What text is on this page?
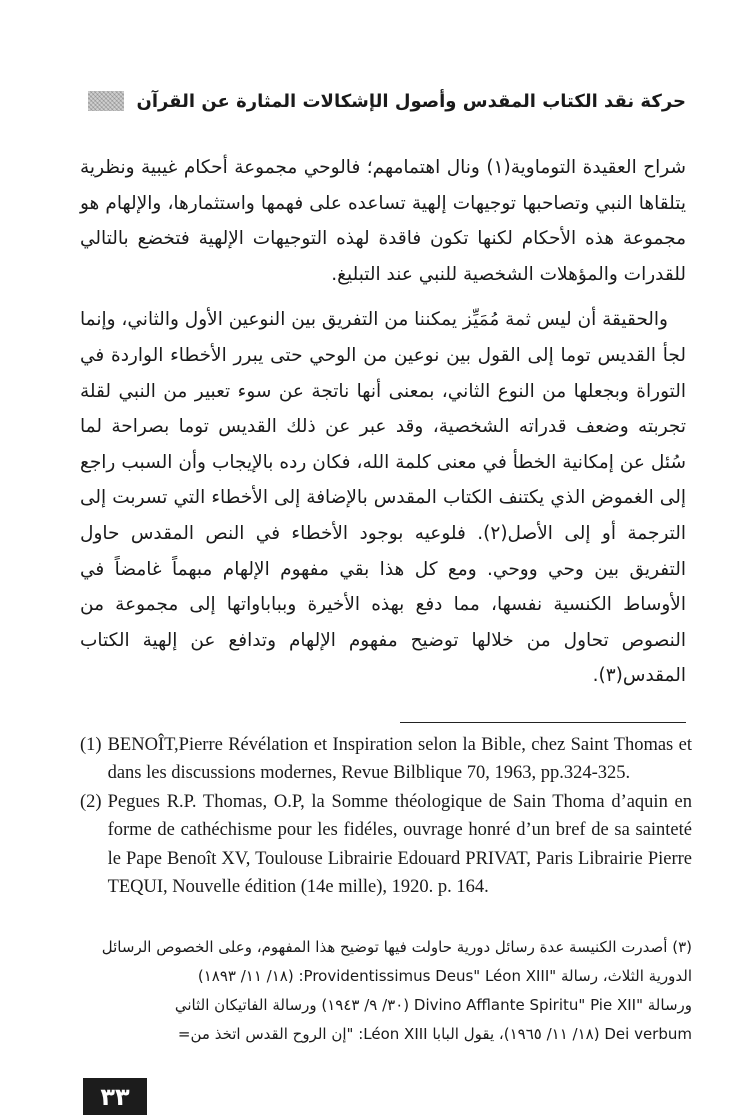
حركة نقد الكتاب المقدس وأصول الإشكالات المثارة عن القرآن

شراح العقيدة التوماوية(١) ونال اهتمامهم؛ فالوحي مجموعة أحكام غيبية ونظرية يتلقاها النبي وتصاحبها توجيهات إلهية تساعده على فهمها واستثمارها، والإلهام هو مجموعة هذه الأحكام لكنها تكون فاقدة لهذه التوجيهات الإلهية فتخضع بالتالي للقدرات والمؤهلات الشخصية للنبي عند التبليغ.

والحقيقة أن ليس ثمة مُمَيِّز يمكننا من التفريق بين النوعين الأول والثاني، وإنما لجأ القديس توما إلى القول بين نوعين من الوحي حتى يبرر الأخطاء الواردة في التوراة وبجعلها من النوع الثاني، بمعنى أنها ناتجة عن سوء تعبير من النبي لقلة تجربته وضعف قدراته الشخصية، وقد عبر عن ذلك القديس توما بصراحة لما سُئل عن إمكانية الخطأ في معنى كلمة الله، فكان رده بالإيجاب وأن السبب راجع إلى الغموض الذي يكتنف الكتاب المقدس بالإضافة إلى الأخطاء التي تسربت إلى الترجمة أو إلى الأصل(٢). فلوعيه بوجود الأخطاء في النص المقدس حاول التفريق بين وحي ووحي. ومع كل هذا بقي مفهوم الإلهام مبهماً غامضاً في الأوساط الكنسية نفسها، مما دفع بهذه الأخيرة وبباباواتها إلى مجموعة من النصوص تحاول من خلالها توضيح مفهوم الإلهام وتدافع عن إلهية الكتاب المقدس(٣).

(1) BENOÎT,Pierre Révélation et Inspiration selon la Bible, chez Saint Thomas et dans les discussions modernes, Revue Bilblique 70, 1963, pp.324-325.
(2) Pegues R.P. Thomas, O.P, la Somme théologique de Sain Thoma d’aquin en forme de cathéchisme pour les fidéles, ouvrage honré d’un bref de sa sainteté le Pape Benoît XV, Toulouse Librairie Edouard PRIVAT, Paris Librairie Pierre TEQUI, Nouvelle édition (14e mille), 1920. p. 164.

(٣) أصدرت الكنيسة عدة رسائل دورية حاولت فيها توضيح هذا المفهوم، وعلى الخصوص الرسائل

الدورية الثلاث، رسالة "Providentissimus Deus" Léon XIII: (١٨/ ١١/ ١٨٩٣)

ورسالة "Divino Afflante Spiritu" Pie XII (٣٠/ ٩/ ١٩٤٣) ورسالة الفاتيكان الثاني

Dei verbum (١٨/ ١١/ ١٩٦٥)، يقول البابا Léon XIII: "إن الروح القدس اتخذ من=

٣٣
